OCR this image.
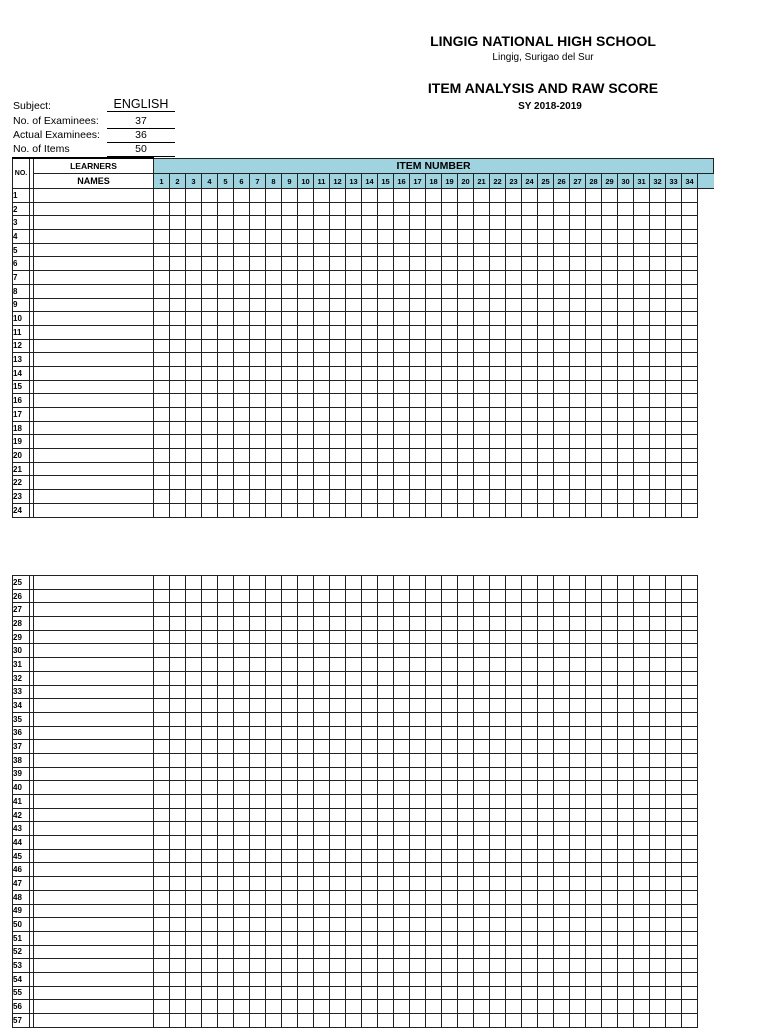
LINGIG NATIONAL HIGH SCHOOL
Lingig, Surigao del Sur
ITEM ANALYSIS AND RAW SCORE
SY 2018-2019
Subject:	ENGLISH
No. of Examinees:	37
Actual Examinees:	36
No. of Items	50
NO.		LEARNERS	ITEM NUMBER																																		
		NAMES	1	2	3	4	5	6	7	8	9	10	11	12	13	14	15	16	17	18	19	20	21	22	23	24	25	26	27	28	29	30	31	32	33	34	
1																																					
2																																					
3																																					
4																																					
5																																					
6																																					
7																																					
8																																					
9																																					
10																																					
11																																					
12																																					
13																																					
14																																					
15																																					
16																																					
17																																					
18																																					
19																																					
20																																					
21																																					
22																																					
23																																					
24																																					
25																																				
26																																				
27																																				
28																																				
29																																				
30																																				
31																																				
32																																				
33																																				
34																																				
35																																				
36																																				
37																																				
38																																				
39																																				
40																																				
41																																				
42																																				
43																																				
44																																				
45																																				
46																																				
47																																				
48																																				
49																																				
50																																				
51																																				
52																																				
53																																				
54																																				
55																																				
56																																				
57																																				
